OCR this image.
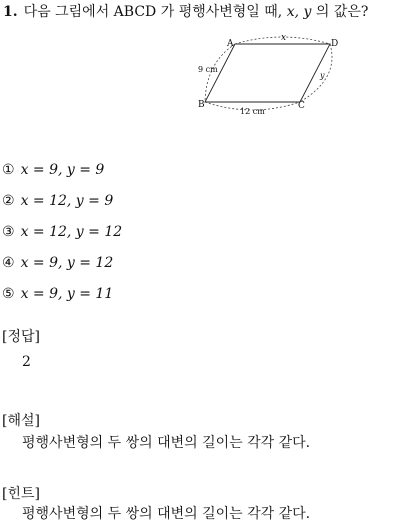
1. 다음 그림에서 ABCD 가 평행사변형일 때, x, y 의 값은?
A	D
B	C
x
9 cm
12 cm
y
① x = 9, y = 9
② x = 12, y = 9
③ x = 12, y = 12
④ x = 9, y = 12
⑤ x = 9, y = 11
[정답]
2
[해설]
평행사변형의 두 쌍의 대변의 길이는 각각 같다.
[힌트]
평행사변형의 두 쌍의 대변의 길이는 각각 같다.
